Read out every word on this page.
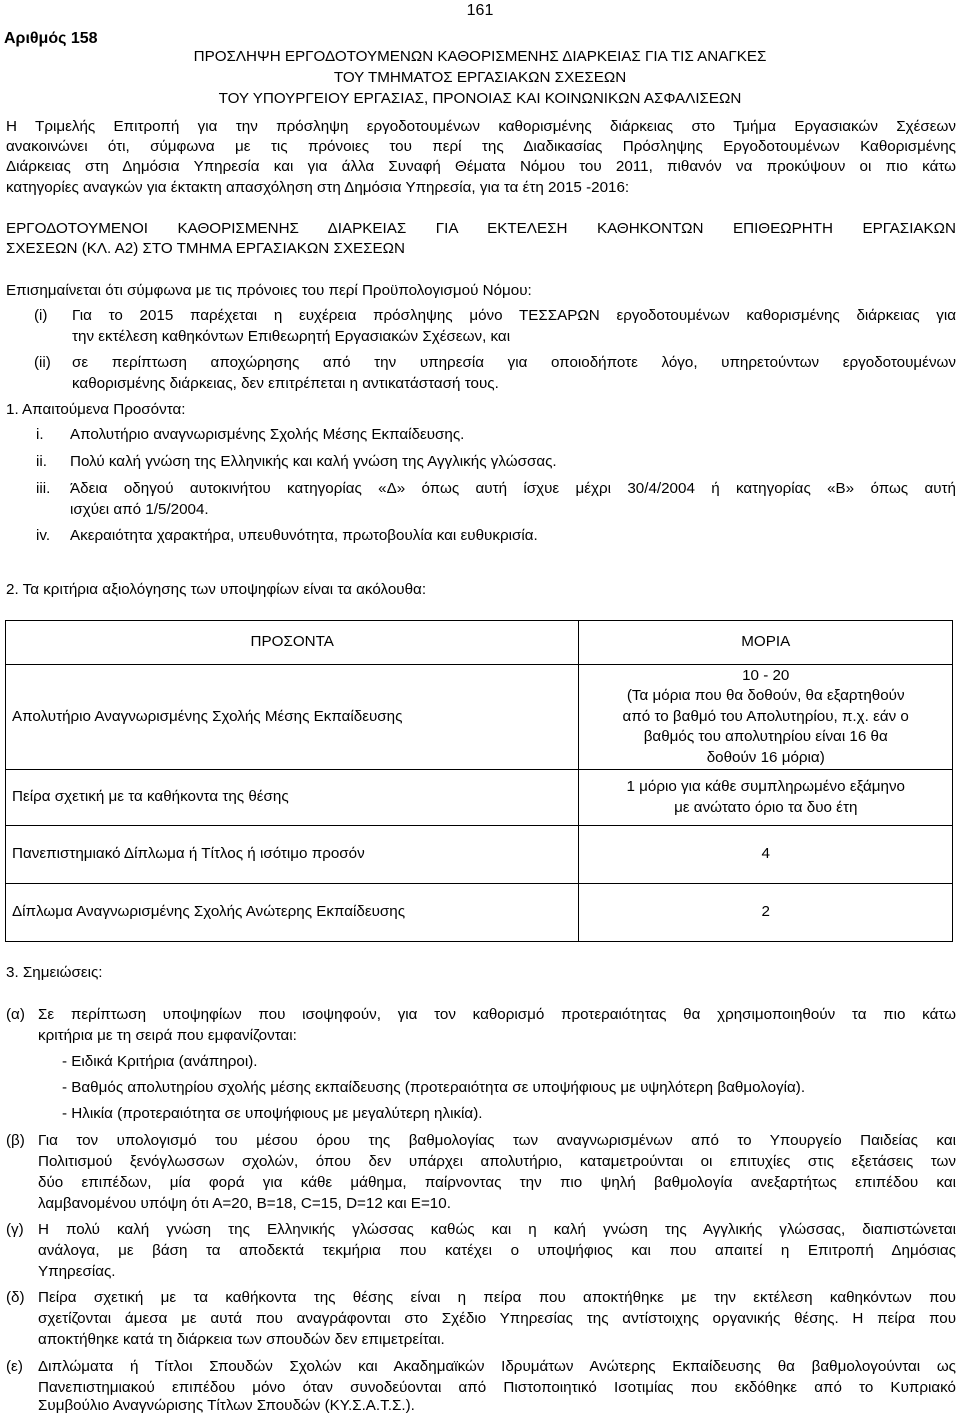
161
Αριθμός 158
ΠΡΟΣΛΗΨΗ ΕΡΓΟΔΟΤΟΥΜΕΝΩΝ ΚΑΘΟΡΙΣΜΕΝΗΣ ΔΙΑΡΚΕΙΑΣ ΓΙΑ ΤΙΣ ΑΝΑΓΚΕΣ
ΤΟΥ ΤΜΗΜΑΤΟΣ ΕΡΓΑΣΙΑΚΩΝ ΣΧΕΣΕΩΝ
ΤΟΥ ΥΠΟΥΡΓΕΙΟΥ ΕΡΓΑΣΙΑΣ, ΠΡΟΝΟΙΑΣ ΚΑΙ ΚΟΙΝΩΝΙΚΩΝ ΑΣΦΑΛΙΣΕΩΝ
Η Τριμελής Επιτροπή για την πρόσληψη εργοδοτουμένων καθορισμένης διάρκειας στο Τμήμα Εργασιακών Σχέσεων
ανακοινώνει ότι, σύμφωνα με τις πρόνοιες του περί της Διαδικασίας Πρόσληψης Εργοδοτουμένων Καθορισμένης
Διάρκειας στη Δημόσια Υπηρεσία και για άλλα Συναφή Θέματα Νόμου του 2011, πιθανόν να προκύψουν οι πιο κάτω
κατηγορίες αναγκών για έκτακτη απασχόληση στη Δημόσια Υπηρεσία, για τα έτη 2015 -2016:
ΕΡΓΟΔΟΤΟΥΜΕΝΟΙ ΚΑΘΟΡΙΣΜΕΝΗΣ ΔΙΑΡΚΕΙΑΣ ΓΙΑ ΕΚΤΕΛΕΣΗ ΚΑΘΗΚΟΝΤΩΝ ΕΠΙΘΕΩΡΗΤΗ ΕΡΓΑΣΙΑΚΩΝ
ΣΧΕΣΕΩΝ (ΚΛ. Α2) ΣΤΟ ΤΜΗΜΑ ΕΡΓΑΣΙΑΚΩΝ ΣΧΕΣΕΩΝ
Επισημαίνεται ότι σύμφωνα με τις πρόνοιες του περί Προϋπολογισμού Νόμου:
(i) Για το 2015 παρέχεται η ευχέρεια πρόσληψης μόνο ΤΕΣΣΑΡΩΝ εργοδοτουμένων καθορισμένης διάρκειας για
την εκτέλεση καθηκόντων Επιθεωρητή Εργασιακών Σχέσεων, και
(ii) σε περίπτωση αποχώρησης από την υπηρεσία για οποιοδήποτε λόγο, υπηρετούντων εργοδοτουμένων
καθορισμένης διάρκειας, δεν επιτρέπεται η αντικατάστασή τους.
1. Απαιτούμενα Προσόντα:
i. Απολυτήριο αναγνωρισμένης Σχολής Μέσης Εκπαίδευσης.
ii. Πολύ καλή γνώση της Ελληνικής και καλή γνώση της Αγγλικής γλώσσας.
iii. Άδεια οδηγού αυτοκινήτου κατηγορίας «Δ» όπως αυτή ίσχυε μέχρι 30/4/2004 ή κατηγορίας «Β» όπως αυτή
ισχύει από 1/5/2004.
iv. Ακεραιότητα χαρακτήρα, υπευθυνότητα, πρωτοβουλία και ευθυκρισία.
2. Τα κριτήρια αξιολόγησης των υποψηφίων είναι τα ακόλουθα:
ΠΡΟΣΟΝΤΑ	ΜΟΡΙΑ
Απολυτήριο Αναγνωρισμένης Σχολής Μέσης Εκπαίδευσης	10 - 20
(Τα μόρια που θα δοθούν, θα εξαρτηθούν
από το βαθμό του Απολυτηρίου, π.χ. εάν ο
βαθμός του απολυτηρίου είναι 16 θα
δοθούν 16 μόρια)

Πείρα σχετική με τα καθήκοντα της θέσης	1 μόριο για κάθε συμπληρωμένο εξάμηνο
με ανώτατο όριο τα δυο έτη

Πανεπιστημιακό Δίπλωμα ή Τίτλος ή ισότιμο προσόν	4
Δίπλωμα Αναγνωρισμένης Σχολής Ανώτερης Εκπαίδευσης	2
3. Σημειώσεις:
(α) Σε περίπτωση υποψηφίων που ισοψηφούν, για τον καθορισμό προτεραιότητας θα χρησιμοποιηθούν τα πιο κάτω
κριτήρια με τη σειρά που εμφανίζονται:
- Ειδικά Κριτήρια (ανάπηροι).
- Βαθμός απολυτηρίου σχολής μέσης εκπαίδευσης (προτεραιότητα σε υποψήφιους με υψηλότερη βαθμολογία).
- Ηλικία (προτεραιότητα σε υποψήφιους με μεγαλύτερη ηλικία).
(β) Για τον υπολογισμό του μέσου όρου της βαθμολογίας των αναγνωρισμένων από το Υπουργείο Παιδείας και
Πολιτισμού ξενόγλωσσων σχολών, όπου δεν υπάρχει απολυτήριο, καταμετρούνται οι επιτυχίες στις εξετάσεις των
δύο επιπέδων, μία φορά για κάθε μάθημα, παίρνοντας την πιο ψηλή βαθμολογία ανεξαρτήτως επιπέδου και
λαμβανομένου υπόψη ότι Α=20, Β=18, C=15, D=12 και E=10.
(γ) Η πολύ καλή γνώση της Ελληνικής γλώσσας καθώς και η καλή γνώση της Αγγλικής γλώσσας, διαπιστώνεται
ανάλογα, με βάση τα αποδεκτά τεκμήρια που κατέχει ο υποψήφιος και που απαιτεί η Επιτροπή Δημόσιας
Υπηρεσίας.
(δ) Πείρα σχετική με τα καθήκοντα της θέσης είναι η πείρα που αποκτήθηκε με την εκτέλεση καθηκόντων που
σχετίζονται άμεσα με αυτά που αναγράφονται στο Σχέδιο Υπηρεσίας της αντίστοιχης οργανικής θέσης. Η πείρα που
αποκτήθηκε κατά τη διάρκεια των σπουδών δεν επιμετρείται.
(ε) Διπλώματα ή Τίτλοι Σπουδών Σχολών και Ακαδημαϊκών Ιδρυμάτων Ανώτερης Εκπαίδευσης θα βαθμολογούνται ως
Πανεπιστημιακού επιπέδου μόνο όταν συνοδεύονται από Πιστοποιητικό Ισοτιμίας που εκδόθηκε από το Κυπριακό
Συμβούλιο Αναγνώρισης Τίτλων Σπουδών (ΚΥ.Σ.Α.Τ.Σ.).
